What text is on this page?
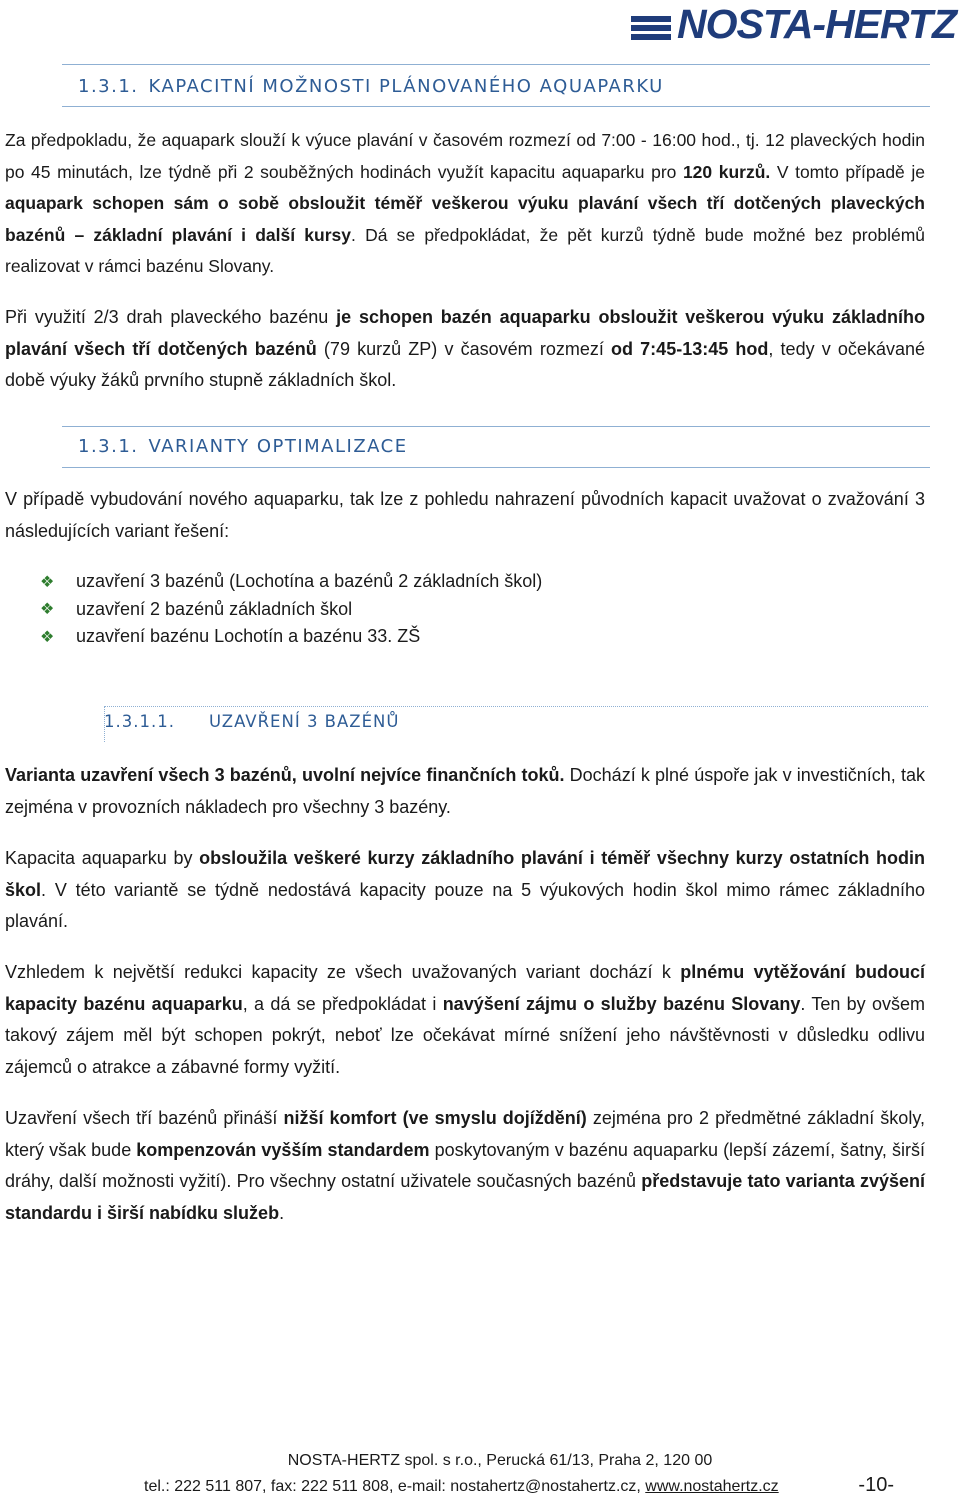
NOSTA-HERTZ
1.3.1. KAPACITNÍ MOŽNOSTI PLÁNOVANÉHO AQUAPARKU

Za předpokladu, že aquapark slouží k výuce plavání v časovém rozmezí od 7:00 - 16:00 hod., tj. 12 plaveckých hodin po 45 minutách, lze týdně při 2 souběžných hodinách využít kapacitu aquaparku pro 120 kurzů. V tomto případě je aquapark schopen sám o sobě obsloužit téměř veškerou výuku plavání všech tří dotčených plaveckých bazénů – základní plavání i další kursy. Dá se předpokládat, že pět kurzů týdně bude možné bez problémů realizovat v rámci bazénu Slovany.

Při využití 2/3 drah plaveckého bazénu je schopen bazén aquaparku obsloužit veškerou výuku základního plavání všech tří dotčených bazénů (79 kurzů ZP) v časovém rozmezí od 7:45-13:45 hod, tedy v očekávané době výuky žáků prvního stupně základních škol.

1.3.1. VARIANTY OPTIMALIZACE

V případě vybudování nového aquaparku, tak lze z pohledu nahrazení původních kapacit uvažovat o zvažování 3 následujících variant řešení:

❖	uzavření 3 bazénů (Lochotína a bazénů 2 základních škol)
❖	uzavření 2 bazénů základních škol
❖	uzavření bazénu Lochotín a bazénu 33. ZŠ
1.3.1.1. UZAVŘENÍ 3 BAZÉNŮ

Varianta uzavření všech 3 bazénů, uvolní nejvíce finančních toků. Dochází k plné úspoře jak v investičních, tak zejména v provozních nákladech pro všechny 3 bazény.

Kapacita aquaparku by obsloužila veškeré kurzy základního plavání i téměř všechny kurzy ostatních hodin škol. V této variantě se týdně nedostává kapacity pouze na 5 výukových hodin škol mimo rámec základního plavání.

Vzhledem k největší redukci kapacity ze všech uvažovaných variant dochází k plnému vytěžování budoucí kapacity bazénu aquaparku, a dá se předpokládat i navýšení zájmu o služby bazénu Slovany. Ten by ovšem takový zájem měl být schopen pokrýt, neboť lze očekávat mírné snížení jeho návštěvnosti v důsledku odlivu zájemců o atrakce a zábavné formy vyžití.

Uzavření všech tří bazénů přináší nižší komfort (ve smyslu dojíždění) zejména pro 2 předmětné základní školy, který však bude kompenzován vyšším standardem poskytovaným v bazénu aquaparku (lepší zázemí, šatny, širší dráhy, další možnosti vyžití). Pro všechny ostatní uživatele současných bazénů představuje tato varianta zvýšení standardu i širší nabídku služeb.

NOSTA-HERTZ spol. s r.o., Perucká 61/13, Praha 2, 120 00
tel.: 222 511 807, fax: 222 511 808, e-mail: nostahertz@nostahertz.cz, www.nostahertz.cz	-10-
